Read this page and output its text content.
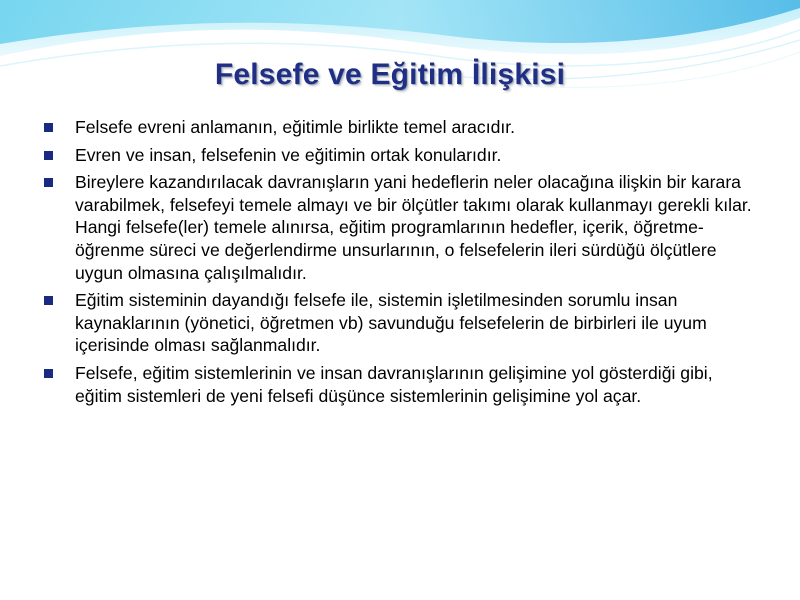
Felsefe ve Eğitim İlişkisi
Felsefe evreni anlamanın, eğitimle birlikte temel aracıdır.
Evren ve insan, felsefenin ve eğitimin ortak konularıdır.
Bireylere kazandırılacak davranışların yani hedeflerin neler olacağına ilişkin bir karara varabilmek, felsefeyi temele almayı ve bir ölçütler takımı olarak kullanmayı gerekli kılar. Hangi felsefe(ler) temele alınırsa, eğitim programlarının hedefler, içerik, öğretme-öğrenme süreci ve değerlendirme unsurlarının, o felsefelerin ileri sürdüğü ölçütlere uygun olmasına çalışılmalıdır.
Eğitim sisteminin dayandığı felsefe ile, sistemin işletilmesinden sorumlu insan kaynaklarının (yönetici, öğretmen vb) savunduğu felsefelerin de birbirleri ile uyum içerisinde olması sağlanmalıdır.
Felsefe, eğitim sistemlerinin ve insan davranışlarının gelişimine yol gösterdiği gibi, eğitim sistemleri de yeni felsefi düşünce sistemlerinin gelişimine yol açar.
